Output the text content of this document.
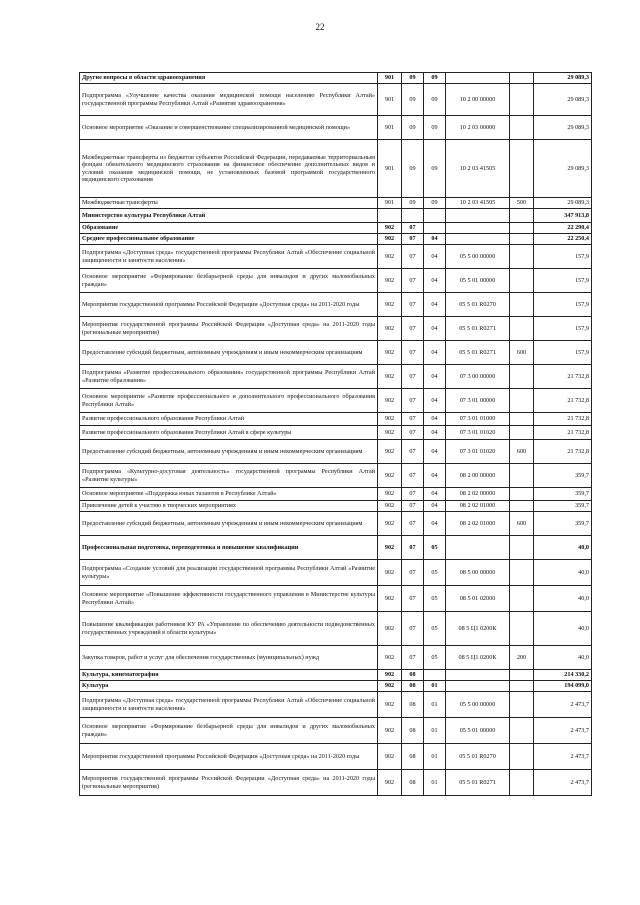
22
Другие вопросы в области здравоохранения	901	09	09			29 089,3
Подпрограмма «Улучшение качества оказания медицинской помощи населению Республики Алтай» государственной программы Республики Алтай «Развитие здравоохранения»	901	09	09	10 2 00 00000		29 089,3
Основное мероприятие «Оказание и совершенствование специализированной медицинской помощи»	901	09	09	10 2 03 00000		29 089,3
Межбюджетные трансферты из бюджетов субъектов Российской Федерации, передаваемые территориальным фондам обязательного медицинского страхования на финансовое обеспечение дополнительных видов и условий оказания медицинской помощи, не установленных базовой программой государственного медицинского страхования	901	09	09	10 2 03 41505		29 089,3
Межбюджетные трансферты	901	09	09	10 2 03 41505	500	29 089,3
Министерство культуры Республики Алтай						347 913,8
Образование	902	07				22 290,4
Среднее профессиональное образование	902	07	04			22 250,4
Подпрограмма «Доступная среда» государственной программы Республики Алтай «Обеспечение социальной защищенности и занятости населения»	902	07	04	05 5 00 00000		157,9
Основное мероприятие «Формирование безбарьерной среды для инвалидов и других маломобильных граждан»	902	07	04	05 5 01 00000		157,9
Мероприятия государственной программы Российской Федерации «Доступная среда» на 2011-2020 годы	902	07	04	05 5 01 R0270		157,9
Мероприятия государственной программы Российской Федерации «Доступная среда» на 2011-2020 годы (региональные мероприятия)	902	07	04	05 5 01 R0271		157,9
Предоставление субсидий бюджетным, автономным учреждениям и иным некоммерческим организациям	902	07	04	05 5 01 R0271	600	157,9
Подпрограмма «Развитие профессионального образования» государственной программы Республики Алтай «Развитие образования»	902	07	04	07 3 00 00000		21 732,8
Основное мероприятие «Развитие профессионального и дополнительного профессионального образования Республики Алтай»	902	07	04	07 3 01 00000		21 732,8
Развитие профессионального образования Республики Алтай	902	07	04	07 3 01 01000		21 732,8
Развитие профессионального образования Республики Алтай в сфере культуры	902	07	04	07 3 01 01020		21 732,8
Предоставление субсидий бюджетным, автономным учреждениям и иным некоммерческим организациям	902	07	04	07 3 01 01020	600	21 732,8
Подпрограмма «Культурно-досуговая деятельность» государственной программы Республики Алтай «Развитие культуры»	902	07	04	08 2 00 00000		359,7
Основное мероприятие «Поддержка юных талантов в Республике Алтай»	902	07	04	08 2 02 00000		359,7
Привлечение детей к участию в творческих мероприятиях	902	07	04	08 2 02 01000		359,7
Предоставление субсидий бюджетным, автономным учреждениям и иным некоммерческим организациям	902	07	04	08 2 02 01000	600	359,7
Профессиональная подготовка, переподготовка и повышение квалификации	902	07	05			40,0
Подпрограмма «Создание условий для реализации государственной программы Республики Алтай «Развитие культуры»	902	07	05	08 5 00 00000		40,0
Основное мероприятие «Повышение эффективности государственного управления в Министерстве культуры Республики Алтай»	902	07	05	08 5 01 02000		40,0
Повышение квалификации работников КУ РА «Управление по обеспечению деятельности подведомственных государственных учреждений в области культуры»	902	07	05	08 5 Ц1 0200К		40,0
Закупка товаров, работ и услуг для обеспечения государственных (муниципальных) нужд	902	07	05	08 5 Ц1 0200К	200	40,0
Культура, кинематография	902	08				214 330,2
Культура	902	08	01			194 099,0
Подпрограмма «Доступная среда» государственной программы Республики Алтай «Обеспечение социальной защищенности и занятости населения»	902	08	01	05 5 00 00000		2 473,7
Основное мероприятие «Формирование безбарьерной среды для инвалидов и других маломобильных граждан»	902	08	01	05 5 01 00000		2 473,7
Мероприятия государственной программы Российской Федерации «Доступная среда» на 2011-2020 годы	902	08	01	05 5 01 R0270		2 473,7
Мероприятия государственной программы Российской Федерации «Доступная среда» на 2011-2020 годы (региональные мероприятия)	902	08	01	05 5 01 R0271		2 473,7
